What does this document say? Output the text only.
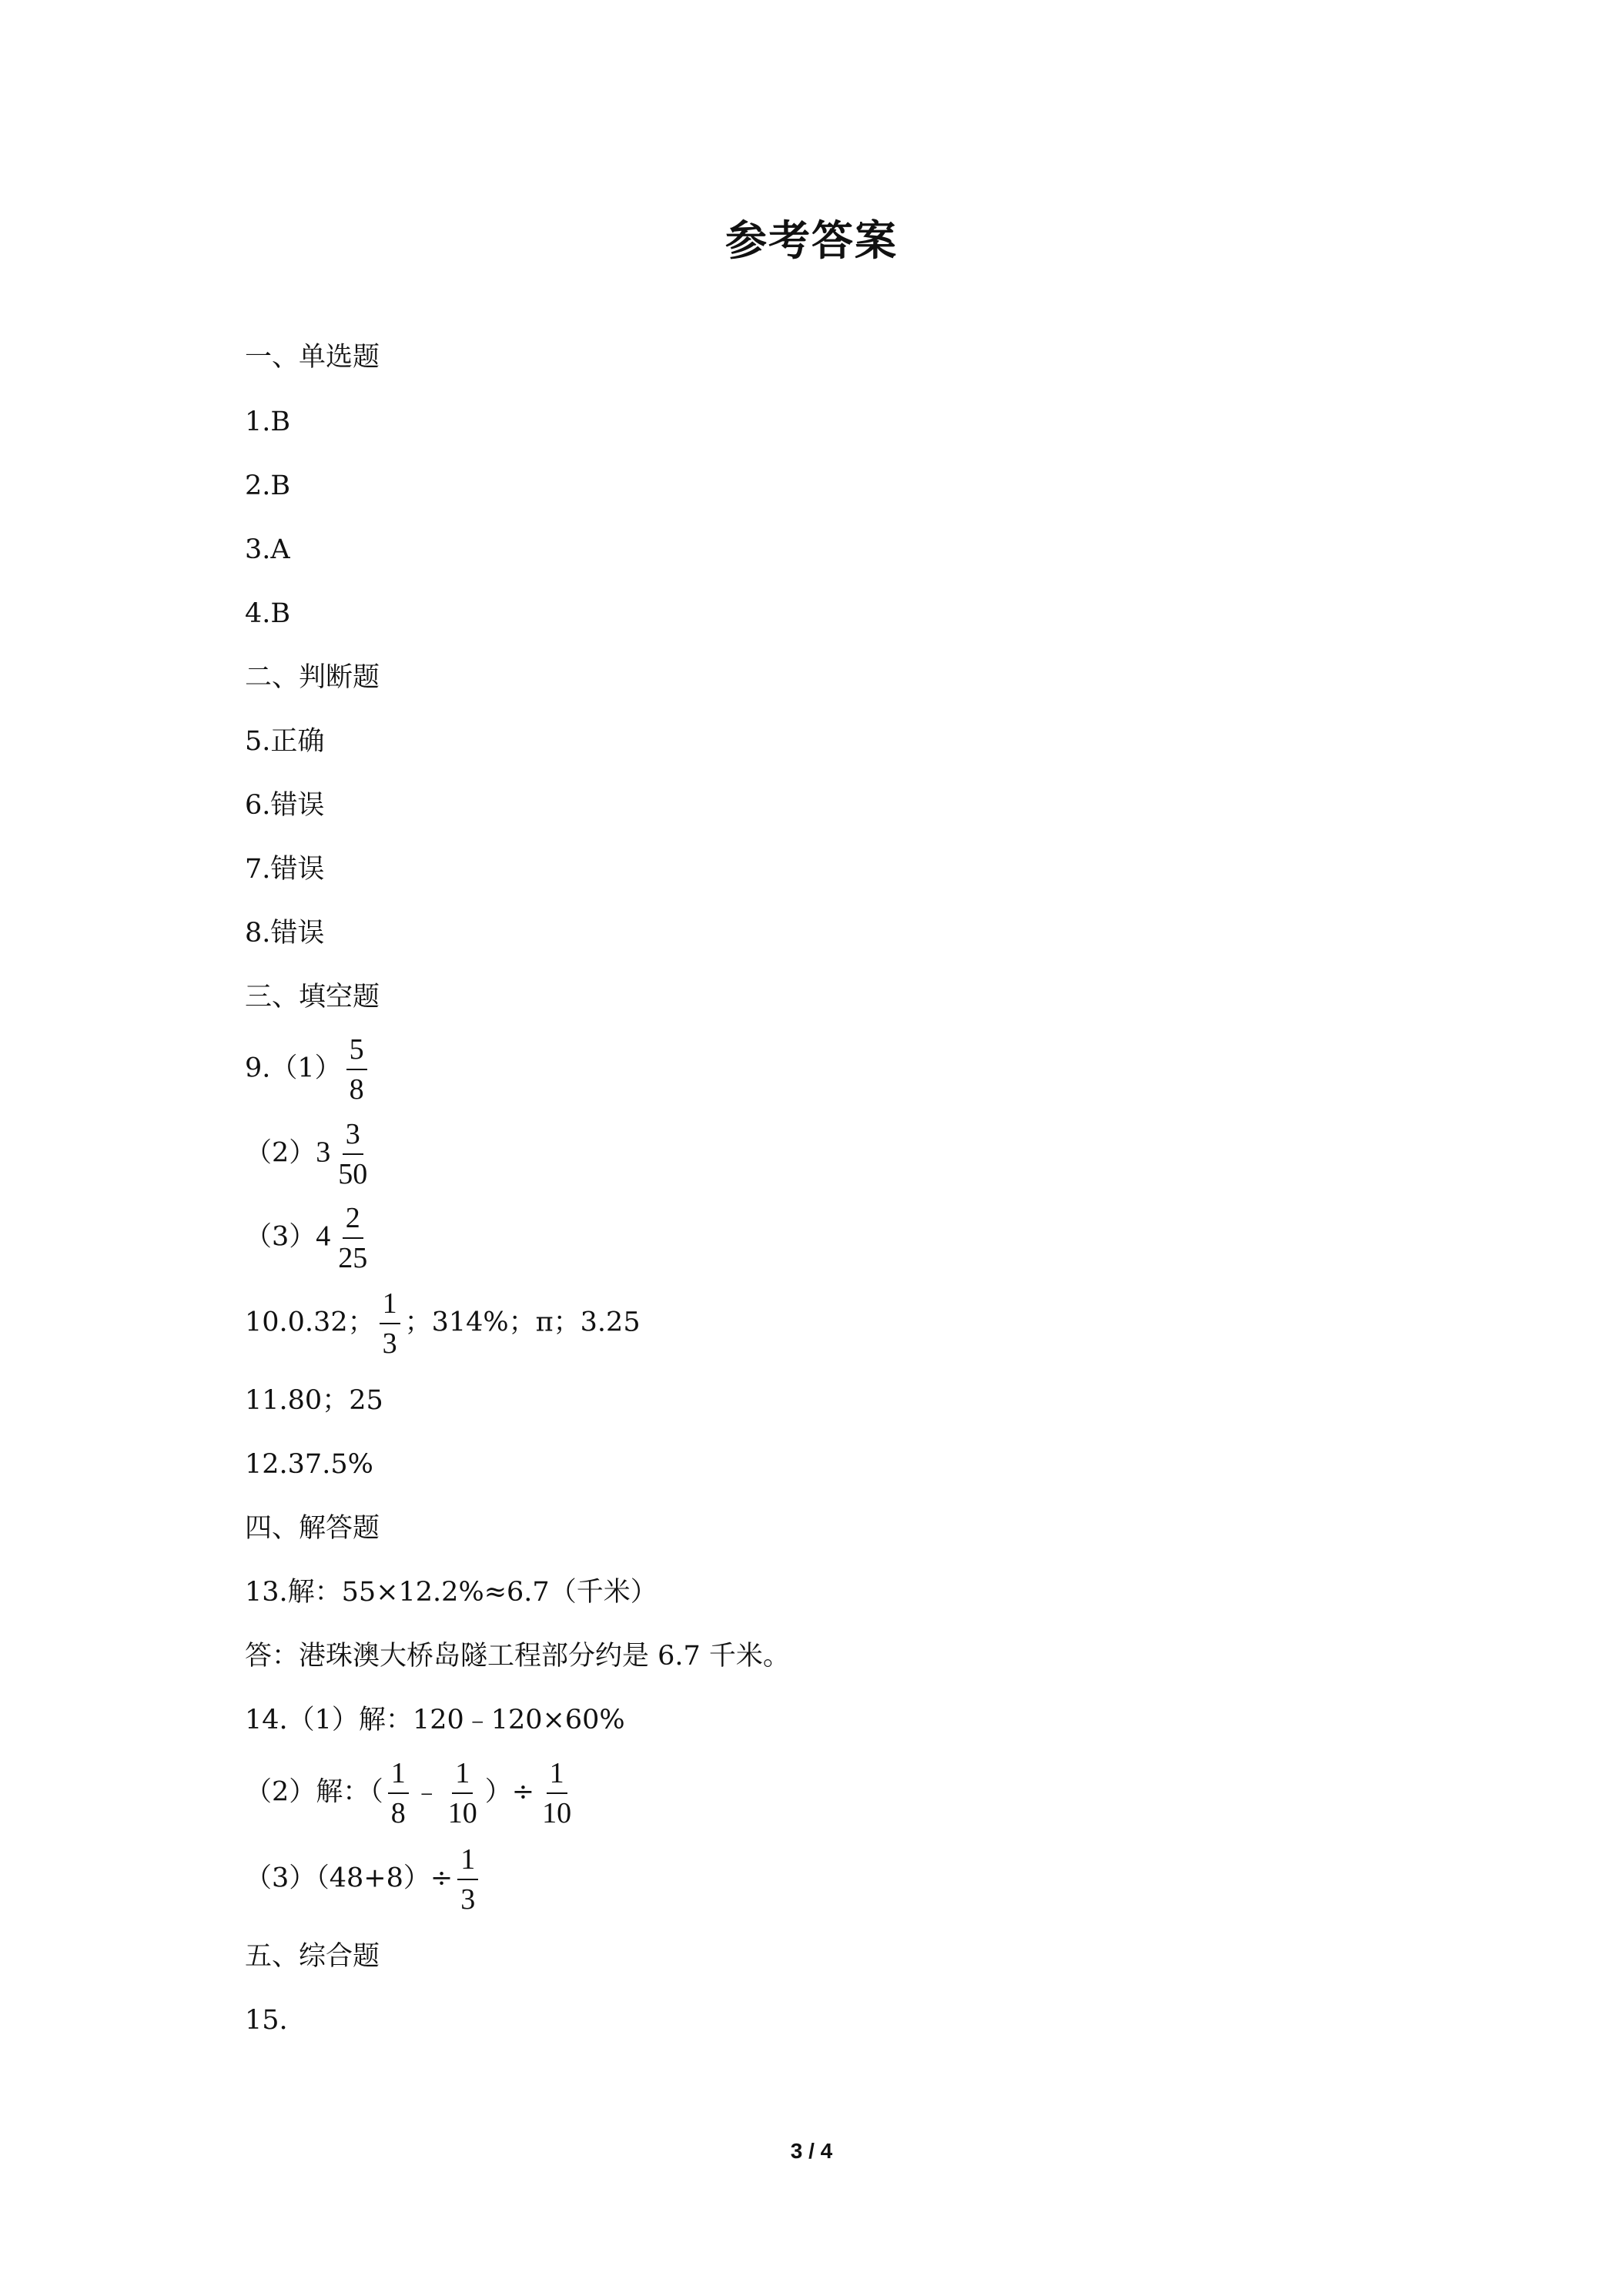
参考答案
一、单选题
1.B
2.B
3.A
4.B
二、判断题
5.正确
6.错误
7.错误
8.错误
三、填空题
$9.(1) \frac{5}{8}$
$(2)3 \frac{3}{50}$
$(3)4 \frac{2}{25}$
10.0.32； $\frac{1}{3}$ ；314%；π；3.25
11.80；25
12.37.5%
四、解答题
13.解：55×12.2%≈6.7（千米）
答：港珠澳大桥岛隧工程部分约是 6.7 千米。
14.（1）解：120﹣120×60%
（2）解：（ $\frac{1}{8}$ ﹣ $\frac{1}{10}$ ）÷ $\frac{1}{10}$
$(3)(48+8)\div \frac{1}{3}$
五、综合题
15.
3 / 4
